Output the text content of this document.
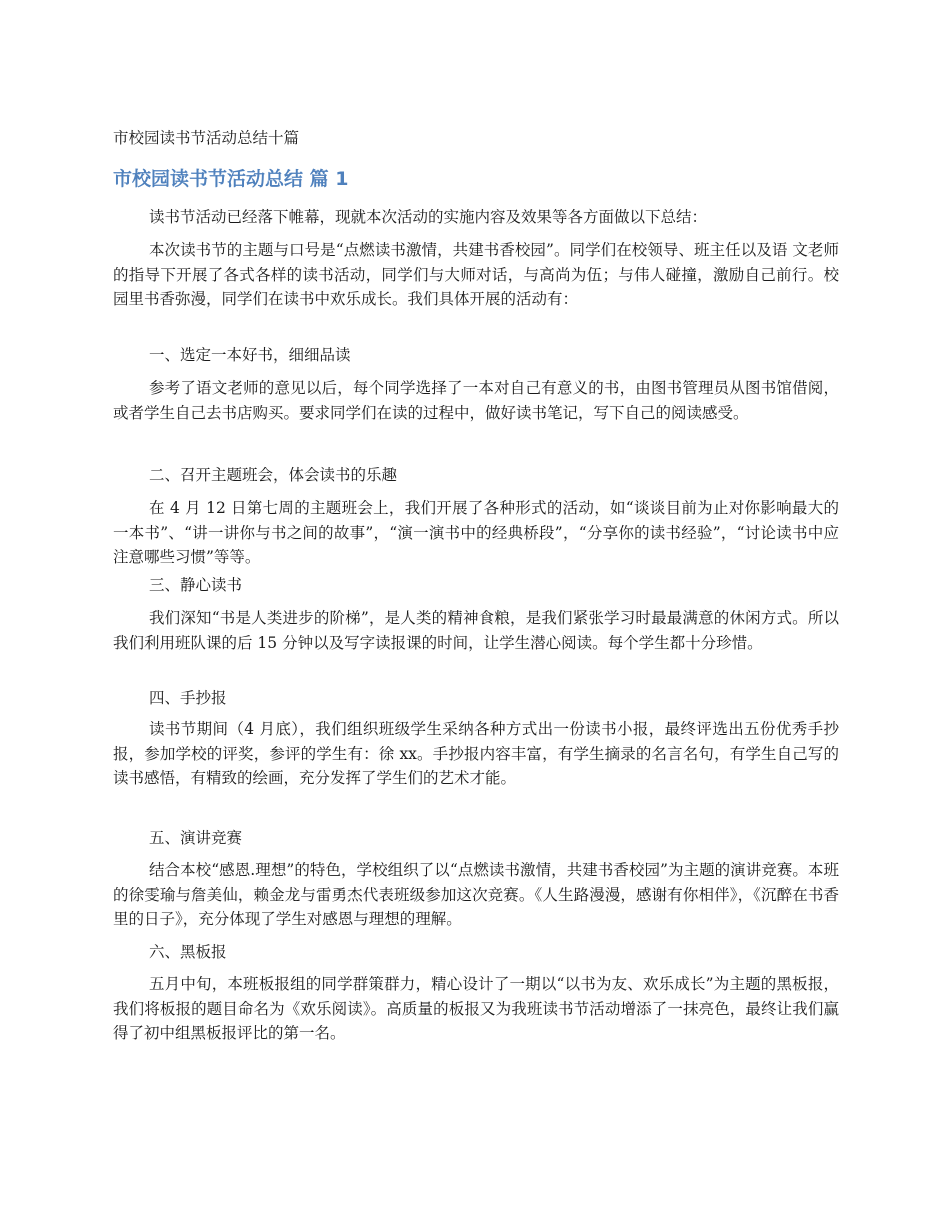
市校园读书节活动总结十篇
市校园读书节活动总结 篇 1

读书节活动已经落下帷幕，现就本次活动的实施内容及效果等各方面做以下总结：

本次读书节的主题与口号是“点燃读书激情，共建书香校园”。同学们在校领导、班主任以及语 文老师的指导下开展了各式各样的读书活动，同学们与大师对话，与高尚为伍；与伟人碰撞，激励自己前行。校园里书香弥漫，同学们在读书中欢乐成长。我们具体开展的活动有：

一、选定一本好书，细细品读

参考了语文老师的意见以后，每个同学选择了一本对自己有意义的书，由图书管理员从图书馆借阅，或者学生自己去书店购买。要求同学们在读的过程中，做好读书笔记，写下自己的阅读感受。

二、召开主题班会，体会读书的乐趣

在 4 月 12 日第七周的主题班会上，我们开展了各种形式的活动，如“谈谈目前为止对你影响最大的一本书”、“讲一讲你与书之间的故事”，“演一演书中的经典桥段”，“分享你的读书经验”，“讨论读书中应注意哪些习惯”等等。

三、静心读书

我们深知“书是人类进步的阶梯”，是人类的精神食粮，是我们紧张学习时最最满意的休闲方式。所以我们利用班队课的后 15 分钟以及写字读报课的时间，让学生潜心阅读。每个学生都十分珍惜。

四、手抄报

读书节期间（4 月底），我们组织班级学生采纳各种方式出一份读书小报，最终评选出五份优秀手抄报，参加学校的评奖，参评的学生有：徐 xx。手抄报内容丰富，有学生摘录的名言名句，有学生自己写的读书感悟，有精致的绘画，充分发挥了学生们的艺术才能。

五、演讲竞赛

结合本校“感恩.理想”的特色，学校组织了以“点燃读书激情，共建书香校园”为主题的演讲竞赛。本班的徐雯瑜与詹美仙，赖金龙与雷勇杰代表班级参加这次竞赛。《人生路漫漫，感谢有你相伴》，《沉醉在书香里的日子》，充分体现了学生对感恩与理想的理解。

六、黑板报

五月中旬，本班板报组的同学群策群力，精心设计了一期以“以书为友、欢乐成长”为主题的黑板报，我们将板报的题目命名为《欢乐阅读》。高质量的板报又为我班读书节活动增添了一抹亮色，最终让我们赢得了初中组黑板报评比的第一名。
